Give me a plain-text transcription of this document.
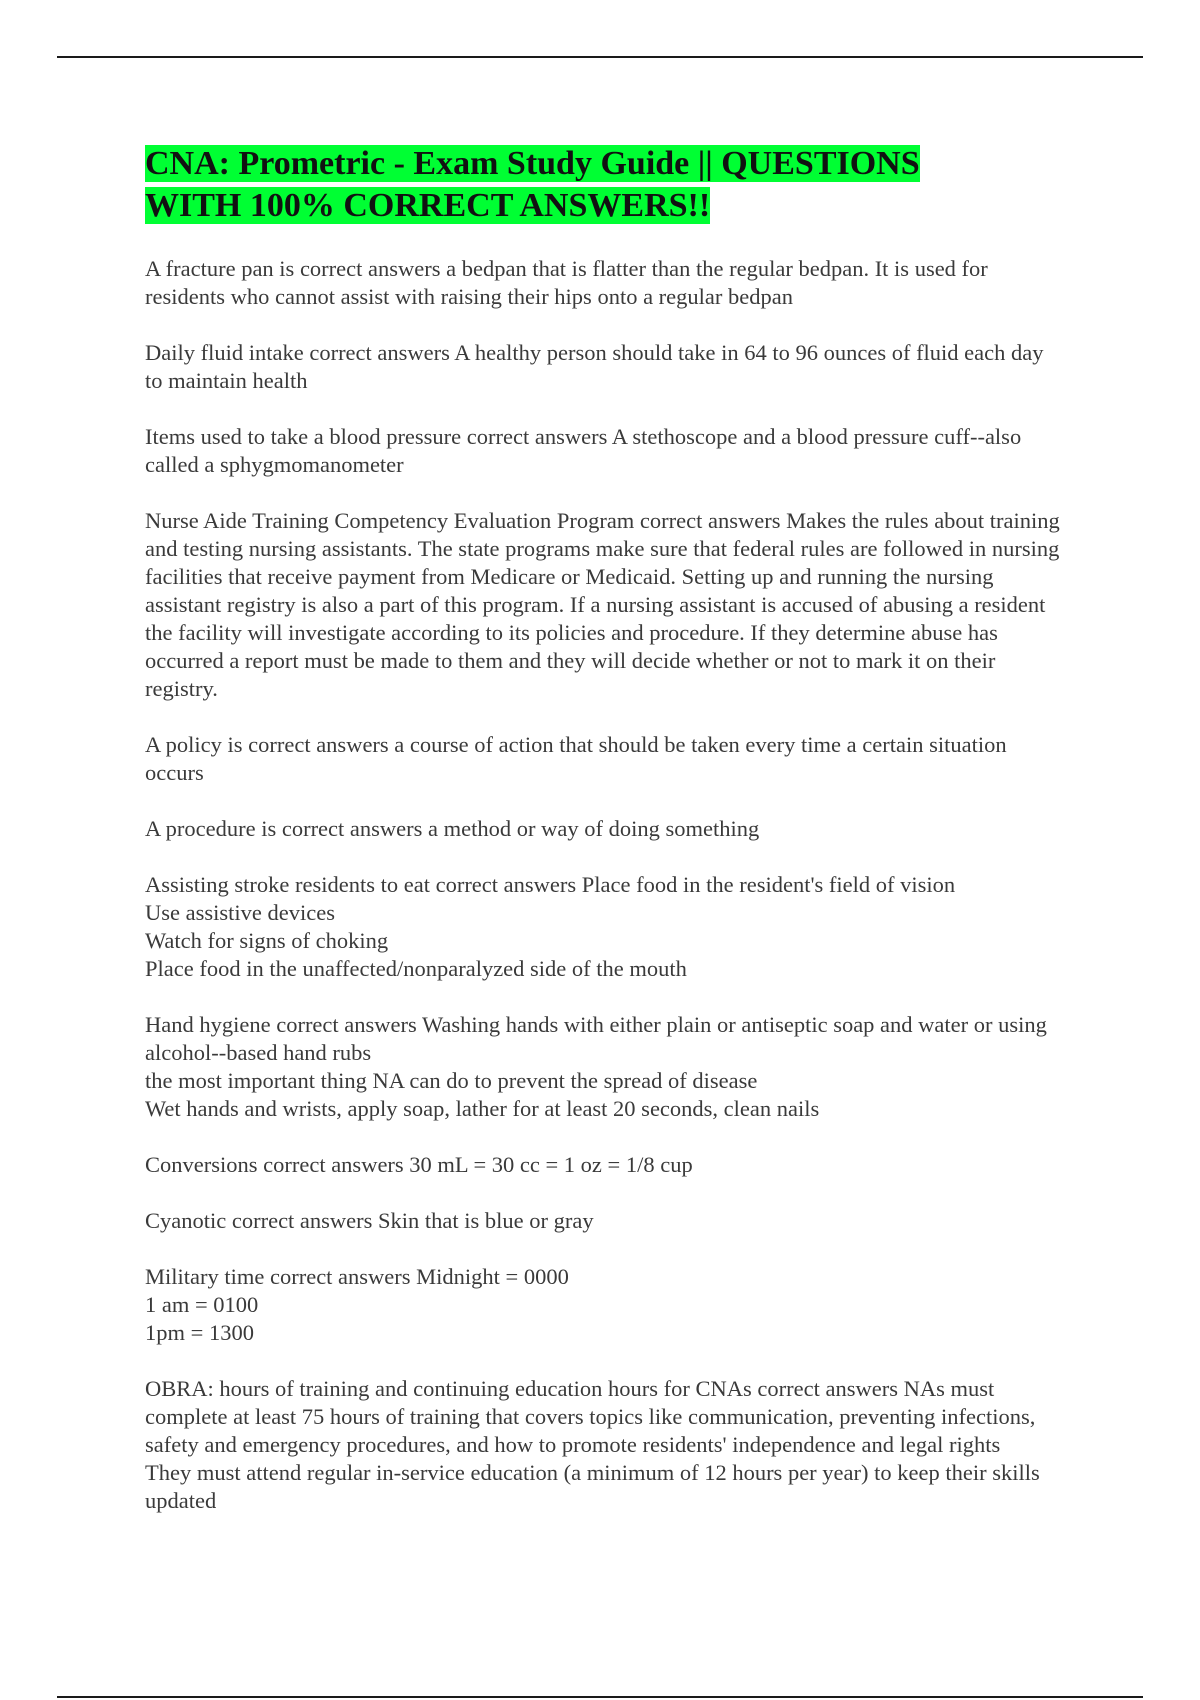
CNA: Prometric - Exam Study Guide || QUESTIONS
WITH 100% CORRECT ANSWERS!!
A fracture pan is correct answers a bedpan that is flatter than the regular bedpan. It is used for residents who cannot assist with raising their hips onto a regular bedpan
Daily fluid intake correct answers A healthy person should take in 64 to 96 ounces of fluid each day to maintain health
Items used to take a blood pressure correct answers A stethoscope and a blood pressure cuff--also called a sphygmomanometer
Nurse Aide Training Competency Evaluation Program correct answers Makes the rules about training and testing nursing assistants. The state programs make sure that federal rules are followed in nursing facilities that receive payment from Medicare or Medicaid. Setting up and running the nursing assistant registry is also a part of this program. If a nursing assistant is accused of abusing a resident the facility will investigate according to its policies and procedure. If they determine abuse has occurred a report must be made to them and they will decide whether or not to mark it on their registry.
A policy is correct answers a course of action that should be taken every time a certain situation occurs
A procedure is correct answers a method or way of doing something
Assisting stroke residents to eat correct answers Place food in the resident's field of vision
Use assistive devices
Watch for signs of choking
Place food in the unaffected/nonparalyzed side of the mouth
Hand hygiene correct answers Washing hands with either plain or antiseptic soap and water or using alcohol--based hand rubs
the most important thing NA can do to prevent the spread of disease
Wet hands and wrists, apply soap, lather for at least 20 seconds, clean nails
Conversions correct answers 30 mL = 30 cc = 1 oz = 1/8 cup
Cyanotic correct answers Skin that is blue or gray
Military time correct answers Midnight = 0000
1 am = 0100
1pm = 1300
OBRA: hours of training and continuing education hours for CNAs correct answers NAs must complete at least 75 hours of training that covers topics like communication, preventing infections, safety and emergency procedures, and how to promote residents' independence and legal rights
They must attend regular in-service education (a minimum of 12 hours per year) to keep their skills updated
